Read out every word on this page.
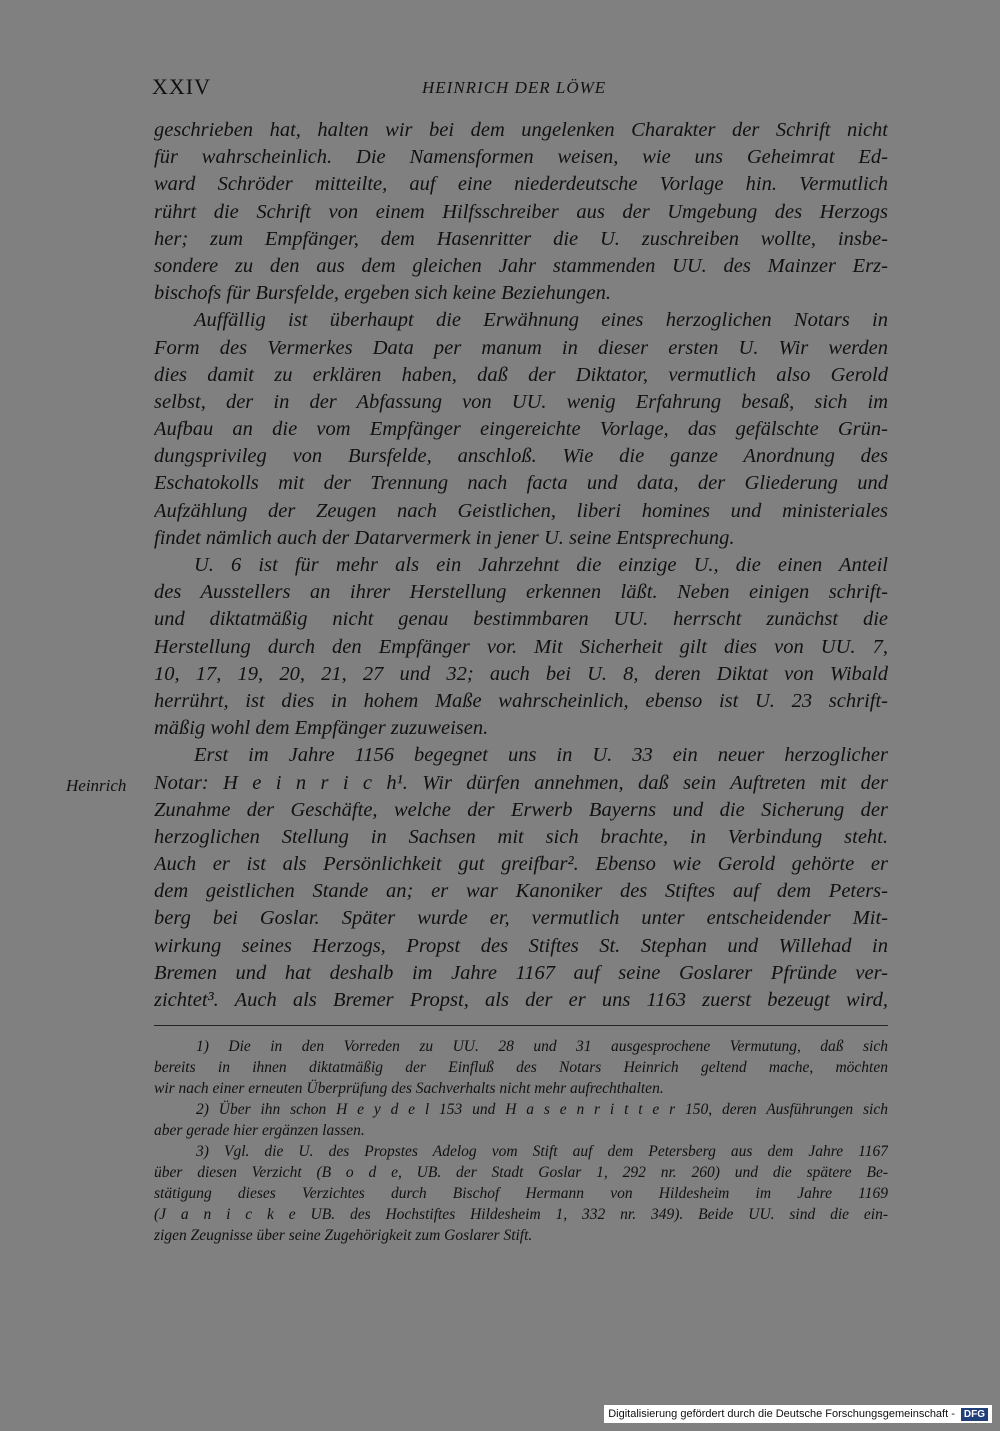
XXIV	HEINRICH DER LÖWE
Heinrich
geschrieben hat, halten wir bei dem ungelenken Charakter der Schrift nicht
für wahrscheinlich. Die Namensformen weisen, wie uns Geheimrat Ed-
ward Schröder mitteilte, auf eine niederdeutsche Vorlage hin. Vermutlich
rührt die Schrift von einem Hilfsschreiber aus der Umgebung des Herzogs
her; zum Empfänger, dem Hasenritter die U. zuschreiben wollte, insbe-
sondere zu den aus dem gleichen Jahr stammenden UU. des Mainzer Erz-
bischofs für Bursfelde, ergeben sich keine Beziehungen.
Auffällig ist überhaupt die Erwähnung eines herzoglichen Notars in
Form des Vermerkes Data per manum in dieser ersten U. Wir werden
dies damit zu erklären haben, daß der Diktator, vermutlich also Gerold
selbst, der in der Abfassung von UU. wenig Erfahrung besaß, sich im
Aufbau an die vom Empfänger eingereichte Vorlage, das gefälschte Grün-
dungsprivileg von Bursfelde, anschloß. Wie die ganze Anordnung des
Eschatokolls mit der Trennung nach facta und data, der Gliederung und
Aufzählung der Zeugen nach Geistlichen, liberi homines und ministeriales
findet nämlich auch der Datarvermerk in jener U. seine Entsprechung.
U. 6 ist für mehr als ein Jahrzehnt die einzige U., die einen Anteil
des Ausstellers an ihrer Herstellung erkennen läßt. Neben einigen schrift-
und diktatmäßig nicht genau bestimmbaren UU. herrscht zunächst die
Herstellung durch den Empfänger vor. Mit Sicherheit gilt dies von UU. 7,
10, 17, 19, 20, 21, 27 und 32; auch bei U. 8, deren Diktat von Wibald
herrührt, ist dies in hohem Maße wahrscheinlich, ebenso ist U. 23 schrift-
mäßig wohl dem Empfänger zuzuweisen.
Erst im Jahre 1156 begegnet uns in U. 33 ein neuer herzoglicher
Notar: H e i n r i c h¹. Wir dürfen annehmen, daß sein Auftreten mit der
Zunahme der Geschäfte, welche der Erwerb Bayerns und die Sicherung der
herzoglichen Stellung in Sachsen mit sich brachte, in Verbindung steht.
Auch er ist als Persönlichkeit gut greifbar². Ebenso wie Gerold gehörte er
dem geistlichen Stande an; er war Kanoniker des Stiftes auf dem Peters-
berg bei Goslar. Später wurde er, vermutlich unter entscheidender Mit-
wirkung seines Herzogs, Propst des Stiftes St. Stephan und Willehad in
Bremen und hat deshalb im Jahre 1167 auf seine Goslarer Pfründe ver-
zichtet³. Auch als Bremer Propst, als der er uns 1163 zuerst bezeugt wird,
1) Die in den Vorreden zu UU. 28 und 31 ausgesprochene Vermutung, daß sich
bereits in ihnen diktatmäßig der Einfluß des Notars Heinrich geltend mache, möchten
wir nach einer erneuten Überprüfung des Sachverhalts nicht mehr aufrechthalten.
2) Über ihn schon H e y d e l 153 und H a s e n r i t t e r 150, deren Ausführungen sich
aber gerade hier ergänzen lassen.
3) Vgl. die U. des Propstes Adelog vom Stift auf dem Petersberg aus dem Jahre 1167
über diesen Verzicht (B o d e, UB. der Stadt Goslar 1, 292 nr. 260) und die spätere Be-
stätigung dieses Verzichtes durch Bischof Hermann von Hildesheim im Jahre 1169
(J a n i c k e UB. des Hochstiftes Hildesheim 1, 332 nr. 349). Beide UU. sind die ein-
zigen Zeugnisse über seine Zugehörigkeit zum Goslarer Stift.
Digitalisierung gefördert durch die Deutsche Forschungsgemeinschaft - DFG
